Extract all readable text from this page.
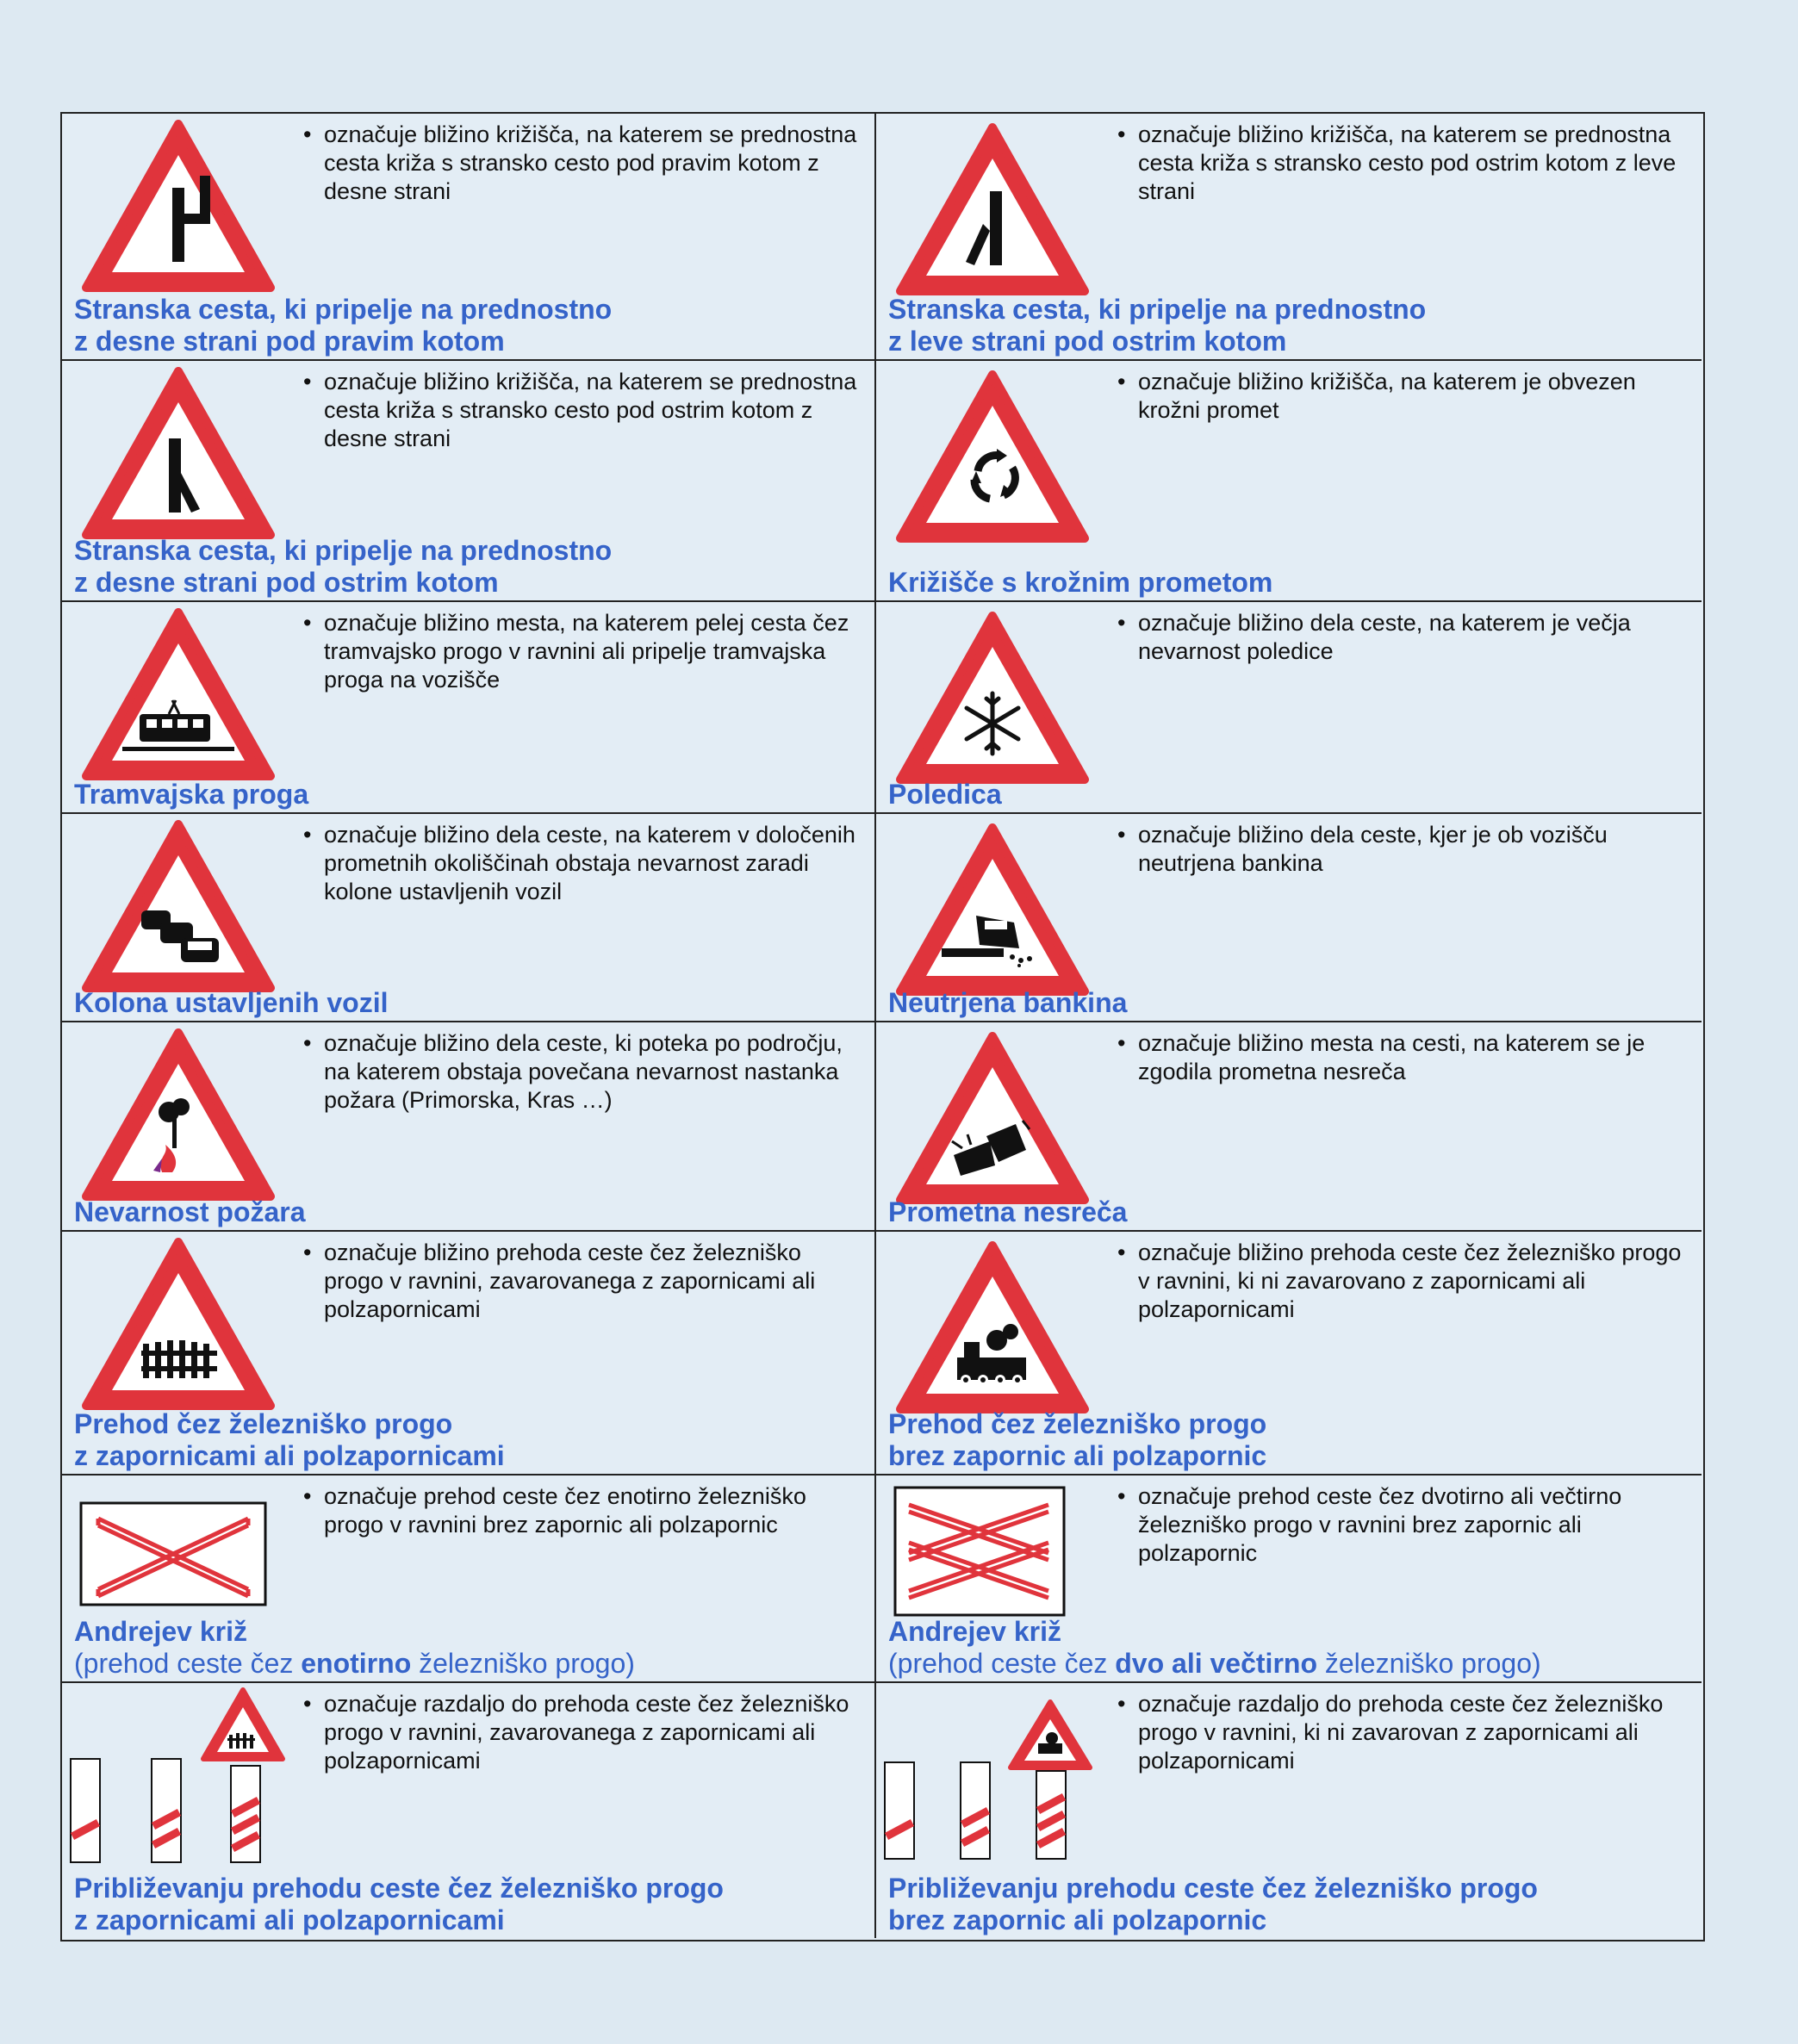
• označuje bližino križišča, na katerem se prednostna cesta križa s stransko cesto pod pravim kotom z desne strani
Stranska cesta, ki pripelje na prednostno
z desne strani pod pravim kotom
• označuje bližino križišča, na katerem se prednostna cesta križa s stransko cesto pod ostrim kotom z leve strani
Stranska cesta, ki pripelje na prednostno
z leve strani pod ostrim kotom
• označuje bližino križišča, na katerem se prednostna cesta križa s stransko cesto pod ostrim kotom z desne strani
Stranska cesta, ki pripelje na prednostno
z desne strani pod ostrim kotom
• označuje bližino križišča, na katerem je obvezen krožni promet
Križišče s krožnim prometom
• označuje bližino mesta, na katerem pelej cesta čez tramvajsko progo v ravnini ali pripelje tramvajska proga na vozišče
Tramvajska proga
• označuje bližino dela ceste, na katerem je večja nevarnost poledice
Poledica
• označuje bližino dela ceste, na katerem v določenih prometnih okoliščinah obstaja nevarnost zaradi kolone ustavljenih vozil
Kolona ustavljenih vozil
• označuje bližino dela ceste, kjer je ob vozišču neutrjena bankina
Neutrjena bankina
• označuje bližino dela ceste, ki poteka po področju, na katerem obstaja povečana nevarnost nastanka požara (Primorska, Kras …)
Nevarnost požara
• označuje bližino mesta na cesti, na katerem se je zgodila prometna nesreča
Prometna nesreča
• označuje bližino prehoda ceste čez železniško progo v ravnini, zavarovanega z zapornicami ali polzapornicami
Prehod čez železniško progo
z zapornicami ali polzapornicami
• označuje bližino prehoda ceste čez železniško progo v ravnini, ki ni zavarovano z zapornicami ali polzapornicami
Prehod čez železniško progo
brez zapornic ali polzapornic
• označuje prehod ceste čez enotirno železniško progo v ravnini brez zapornic ali polzapornic
Andrejev križ
(prehod ceste čez enotirno železniško progo)
• označuje prehod ceste čez dvotirno ali večtirno železniško progo v ravnini brez zapornic ali polzapornic
Andrejev križ
(prehod ceste čez dvo ali večtirno železniško progo)
• označuje razdaljo do prehoda ceste čez železniško progo v ravnini, zavarovanega z zapornicami ali polzapornicami
Približevanju prehodu ceste čez železniško progo
z zapornicami ali polzapornicami
• označuje razdaljo do prehoda ceste čez železniško progo v ravnini, ki ni zavarovan z zapornicami ali polzapornicami
Približevanju prehodu ceste čez železniško progo
brez zapornic ali polzapornic
